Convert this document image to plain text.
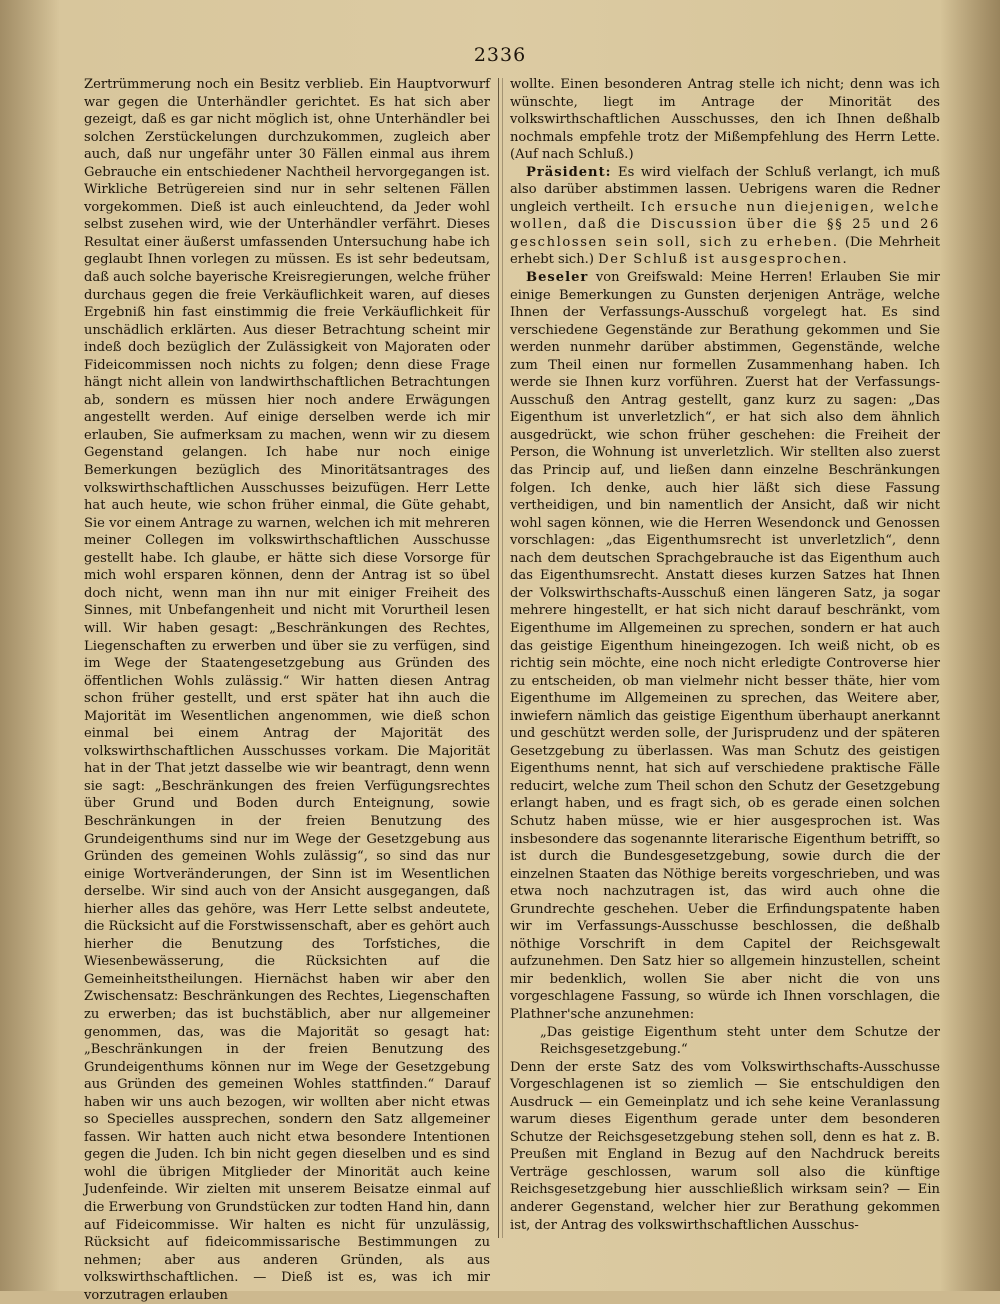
2336

Zertrümmerung noch ein Besitz verblieb. Ein Hauptvorwurf war gegen die Unterhändler gerichtet. Es hat sich aber gezeigt, daß es gar nicht möglich ist, ohne Unterhändler bei solchen Zerstückelungen durchzukommen, zugleich aber auch, daß nur ungefähr unter 30 Fällen einmal aus ihrem Gebrauche ein entschiedener Nachtheil hervorgegangen ist. Wirkliche Betrügereien sind nur in sehr seltenen Fällen vorgekommen. Dieß ist auch einleuchtend, da Jeder wohl selbst zusehen wird, wie der Unterhändler verfährt. Dieses Resultat einer äußerst umfassenden Untersuchung habe ich geglaubt Ihnen vorlegen zu müssen. Es ist sehr bedeutsam, daß auch solche bayerische Kreisregierungen, welche früher durchaus gegen die freie Verkäuflichkeit waren, auf dieses Ergebniß hin fast einstimmig die freie Verkäuflichkeit für unschädlich erklärten. Aus dieser Betrachtung scheint mir indeß doch bezüglich der Zulässigkeit von Majoraten oder Fideicommissen noch nichts zu folgen; denn diese Frage hängt nicht allein von landwirthschaftlichen Betrachtungen ab, sondern es müssen hier noch andere Erwägungen angestellt werden. Auf einige derselben werde ich mir erlauben, Sie aufmerksam zu machen, wenn wir zu diesem Gegenstand gelangen. Ich habe nur noch einige Bemerkungen bezüglich des Minoritätsantrages des volkswirthschaftlichen Ausschusses beizufügen. Herr Lette hat auch heute, wie schon früher einmal, die Güte gehabt, Sie vor einem Antrage zu warnen, welchen ich mit mehreren meiner Collegen im volkswirthschaftlichen Ausschusse gestellt habe. Ich glaube, er hätte sich diese Vorsorge für mich wohl ersparen können, denn der Antrag ist so übel doch nicht, wenn man ihn nur mit einiger Freiheit des Sinnes, mit Unbefangenheit und nicht mit Vorurtheil lesen will. Wir haben gesagt: „Beschränkungen des Rechtes, Liegenschaften zu erwerben und über sie zu verfügen, sind im Wege der Staatengesetzgebung aus Gründen des öffentlichen Wohls zulässig.“ Wir hatten diesen Antrag schon früher gestellt, und erst später hat ihn auch die Majorität im Wesentlichen angenommen, wie dieß schon einmal bei einem Antrag der Majorität des volkswirthschaftlichen Ausschusses vorkam. Die Majorität hat in der That jetzt dasselbe wie wir beantragt, denn wenn sie sagt: „Beschränkungen des freien Verfügungsrechtes über Grund und Boden durch Enteignung, sowie Beschränkungen in der freien Benutzung des Grundeigenthums sind nur im Wege der Gesetzgebung aus Gründen des gemeinen Wohls zulässig“, so sind das nur einige Wortveränderungen, der Sinn ist im Wesentlichen derselbe. Wir sind auch von der Ansicht ausgegangen, daß hierher alles das gehöre, was Herr Lette selbst andeutete, die Rücksicht auf die Forstwissenschaft, aber es gehört auch hierher die Benutzung des Torfstiches, die Wiesenbewässerung, die Rücksichten auf die Gemeinheitstheilungen. Hiernächst haben wir aber den Zwischensatz: Beschränkungen des Rechtes, Liegenschaften zu erwerben; das ist buchstäblich, aber nur allgemeiner genommen, das, was die Majorität so gesagt hat: „Beschränkungen in der freien Benutzung des Grundeigenthums können nur im Wege der Gesetzgebung aus Gründen des gemeinen Wohles stattfinden.“ Darauf haben wir uns auch bezogen, wir wollten aber nicht etwas so Specielles aussprechen, sondern den Satz allgemeiner fassen. Wir hatten auch nicht etwa besondere Intentionen gegen die Juden. Ich bin nicht gegen dieselben und es sind wohl die übrigen Mitglieder der Minorität auch keine Judenfeinde. Wir zielten mit unserem Beisatze einmal auf die Erwerbung von Grundstücken zur todten Hand hin, dann auf Fideicommisse. Wir halten es nicht für unzulässig, Rücksicht auf fideicommissarische Bestimmungen zu nehmen; aber aus anderen Gründen, als aus volkswirthschaftlichen. — Dieß ist es, was ich mir vorzutragen erlauben

wollte. Einen besonderen Antrag stelle ich nicht; denn was ich wünschte, liegt im Antrage der Minorität des volkswirthschaftlichen Ausschusses, den ich Ihnen deßhalb nochmals empfehle trotz der Mißempfehlung des Herrn Lette. (Auf nach Schluß.)

Präsident: Es wird vielfach der Schluß verlangt, ich muß also darüber abstimmen lassen. Uebrigens waren die Redner ungleich vertheilt. Ich ersuche nun diejenigen, welche wollen, daß die Discussion über die §§ 25 und 26 geschlossen sein soll, sich zu erheben. (Die Mehrheit erhebt sich.) Der Schluß ist ausgesprochen.

Beseler von Greifswald: Meine Herren! Erlauben Sie mir einige Bemerkungen zu Gunsten derjenigen Anträge, welche Ihnen der Verfassungs-Ausschuß vorgelegt hat. Es sind verschiedene Gegenstände zur Berathung gekommen und Sie werden nunmehr darüber abstimmen, Gegenstände, welche zum Theil einen nur formellen Zusammenhang haben. Ich werde sie Ihnen kurz vorführen. Zuerst hat der Verfassungs-Ausschuß den Antrag gestellt, ganz kurz zu sagen: „Das Eigenthum ist unverletzlich“, er hat sich also dem ähnlich ausgedrückt, wie schon früher geschehen: die Freiheit der Person, die Wohnung ist unverletzlich. Wir stellten also zuerst das Princip auf, und ließen dann einzelne Beschränkungen folgen. Ich denke, auch hier läßt sich diese Fassung vertheidigen, und bin namentlich der Ansicht, daß wir nicht wohl sagen können, wie die Herren Wesendonck und Genossen vorschlagen: „das Eigenthumsrecht ist unverletzlich“, denn nach dem deutschen Sprachgebrauche ist das Eigenthum auch das Eigenthumsrecht. Anstatt dieses kurzen Satzes hat Ihnen der Volkswirthschafts-Ausschuß einen längeren Satz, ja sogar mehrere hingestellt, er hat sich nicht darauf beschränkt, vom Eigenthume im Allgemeinen zu sprechen, sondern er hat auch das geistige Eigenthum hineingezogen. Ich weiß nicht, ob es richtig sein möchte, eine noch nicht erledigte Controverse hier zu entscheiden, ob man vielmehr nicht besser thäte, hier vom Eigenthume im Allgemeinen zu sprechen, das Weitere aber, inwiefern nämlich das geistige Eigenthum überhaupt anerkannt und geschützt werden solle, der Jurisprudenz und der späteren Gesetzgebung zu überlassen. Was man Schutz des geistigen Eigenthums nennt, hat sich auf verschiedene praktische Fälle reducirt, welche zum Theil schon den Schutz der Gesetzgebung erlangt haben, und es fragt sich, ob es gerade einen solchen Schutz haben müsse, wie er hier ausgesprochen ist. Was insbesondere das sogenannte literarische Eigenthum betrifft, so ist durch die Bundesgesetzgebung, sowie durch die der einzelnen Staaten das Nöthige bereits vorgeschrieben, und was etwa noch nachzutragen ist, das wird auch ohne die Grundrechte geschehen. Ueber die Erfindungspatente haben wir im Verfassungs-Ausschusse beschlossen, die deßhalb nöthige Vorschrift in dem Capitel der Reichsgewalt aufzunehmen. Den Satz hier so allgemein hinzustellen, scheint mir bedenklich, wollen Sie aber nicht die von uns vorgeschlagene Fassung, so würde ich Ihnen vorschlagen, die Plathner'sche anzunehmen:

„Das geistige Eigenthum steht unter dem Schutze der Reichsgesetzgebung.“

Denn der erste Satz des vom Volkswirthschafts-Ausschusse Vorgeschlagenen ist so ziemlich — Sie entschuldigen den Ausdruck — ein Gemeinplatz und ich sehe keine Veranlassung warum dieses Eigenthum gerade unter dem besonderen Schutze der Reichsgesetzgebung stehen soll, denn es hat z. B. Preußen mit England in Bezug auf den Nachdruck bereits Verträge geschlossen, warum soll also die künftige Reichsgesetzgebung hier ausschließlich wirksam sein? — Ein anderer Gegenstand, welcher hier zur Berathung gekommen ist, der Antrag des volkswirthschaftlichen Ausschus-
